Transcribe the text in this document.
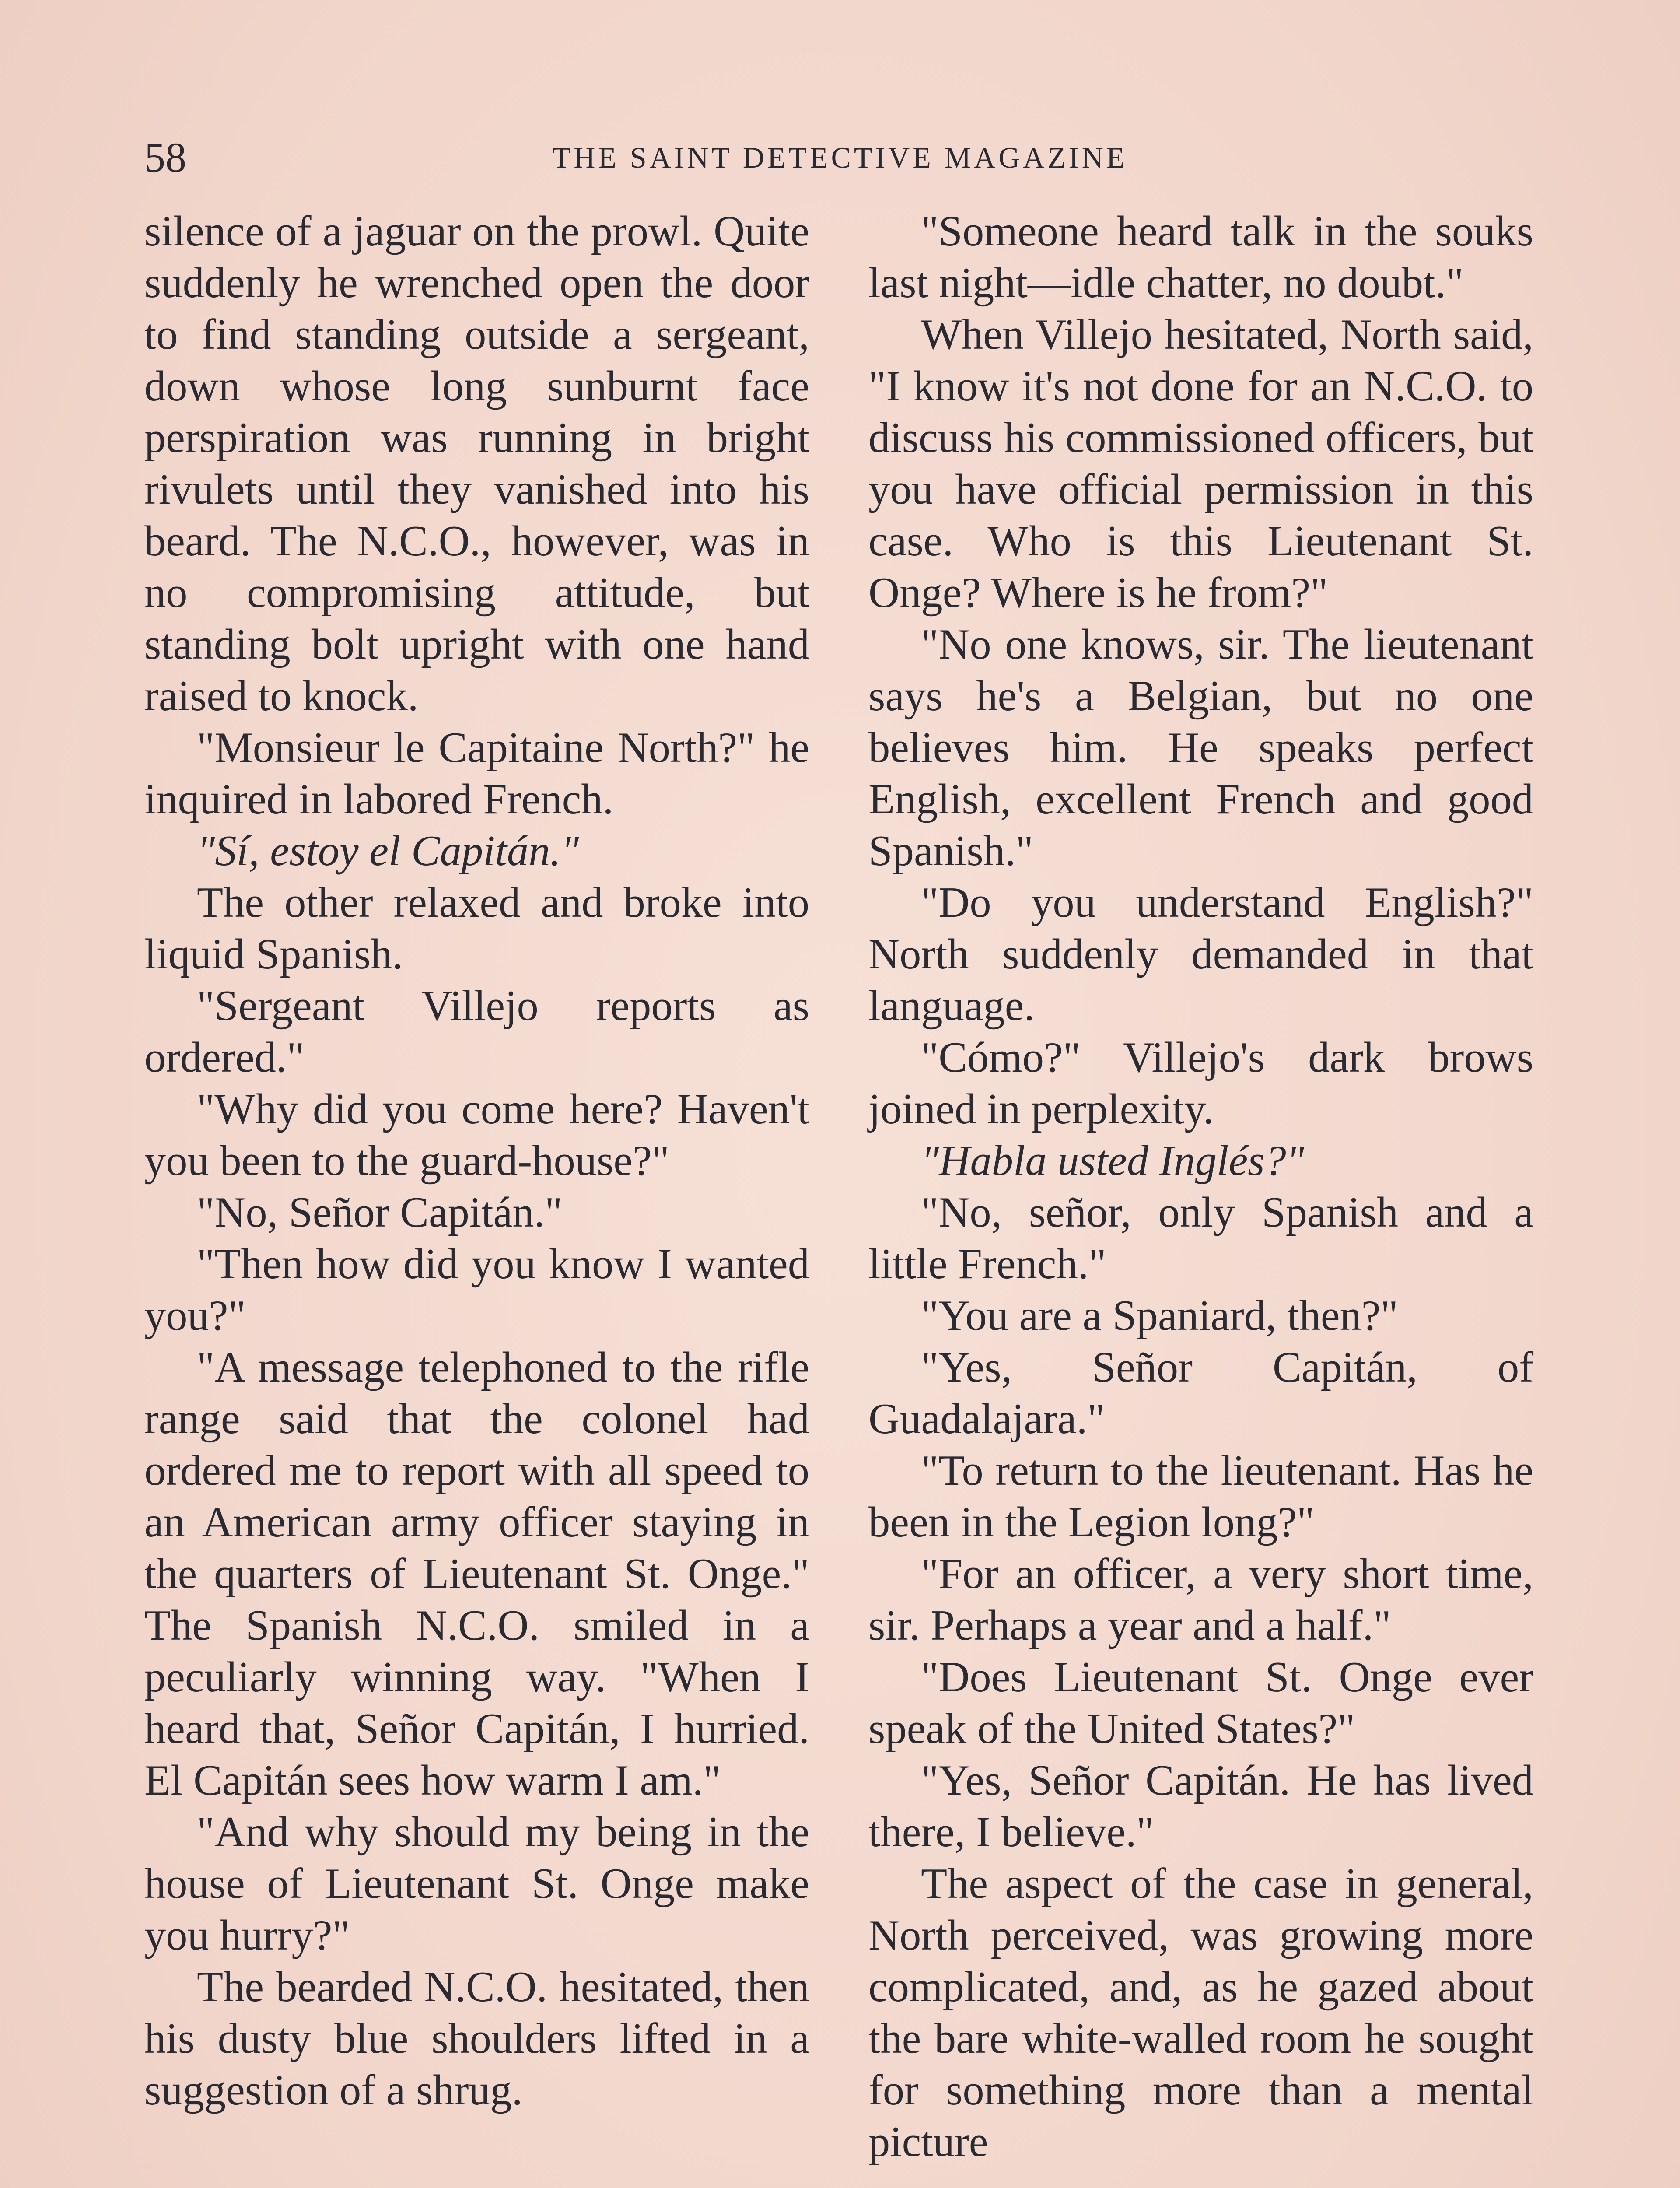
58	THE SAINT DETECTIVE MAGAZINE

silence of a jaguar on the prowl. Quite suddenly he wrenched open the door to find standing outside a sergeant, down whose long sunburnt face perspiration was running in bright rivulets until they vanished into his beard. The N.C.O., however, was in no compromising attitude, but standing bolt upright with one hand raised to knock.

"Monsieur le Capitaine North?" he inquired in labored French.

"Sí, estoy el Capitán."

The other relaxed and broke into liquid Spanish.

"Sergeant Villejo reports as ordered."

"Why did you come here? Haven't you been to the guard-house?"

"No, Señor Capitán."

"Then how did you know I wanted you?"

"A message telephoned to the rifle range said that the colonel had ordered me to report with all speed to an American army officer staying in the quarters of Lieutenant St. Onge." The Spanish N.C.O. smiled in a peculiarly winning way. "When I heard that, Señor Capitán, I hurried. El Capitán sees how warm I am."

"And why should my being in the house of Lieutenant St. Onge make you hurry?"

The bearded N.C.O. hesitated, then his dusty blue shoulders lifted in a suggestion of a shrug.

"Someone heard talk in the souks last night—idle chatter, no doubt."

When Villejo hesitated, North said, "I know it's not done for an N.C.O. to discuss his commissioned officers, but you have official permission in this case. Who is this Lieutenant St. Onge? Where is he from?"

"No one knows, sir. The lieutenant says he's a Belgian, but no one believes him. He speaks perfect English, excellent French and good Spanish."

"Do you understand English?" North suddenly demanded in that language.

"Cómo?" Villejo's dark brows joined in perplexity.

"Habla usted Inglés?"

"No, señor, only Spanish and a little French."

"You are a Spaniard, then?"

"Yes, Señor Capitán, of Guadalajara."

"To return to the lieutenant. Has he been in the Legion long?"

"For an officer, a very short time, sir. Perhaps a year and a half."

"Does Lieutenant St. Onge ever speak of the United States?"

"Yes, Señor Capitán. He has lived there, I believe."

The aspect of the case in general, North perceived, was growing more complicated, and, as he gazed about the bare white-walled room he sought for something more than a mental picture
